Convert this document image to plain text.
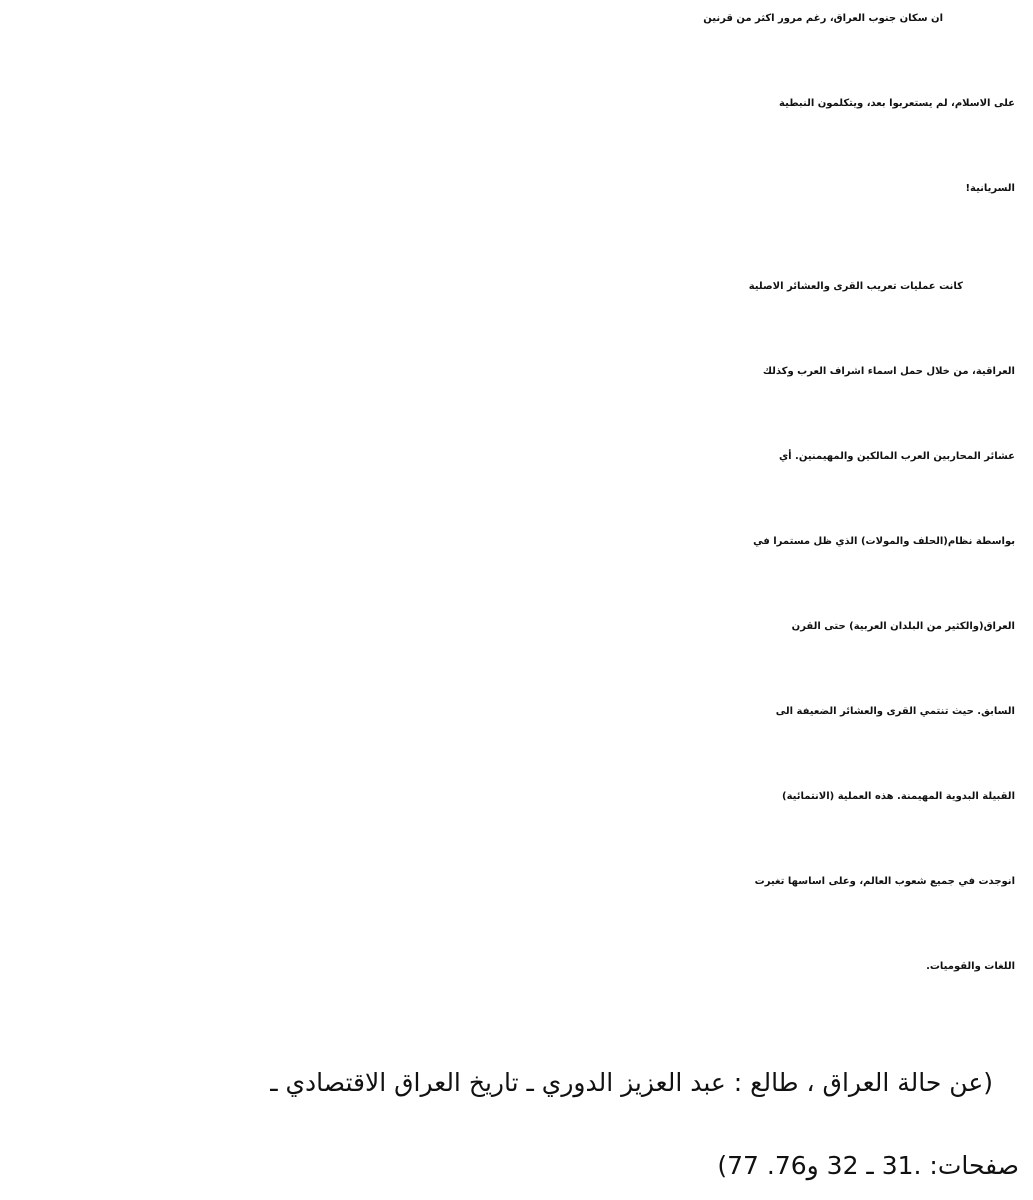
ان سكان جنوب العراق، رغم مرور اكثر من قرنين
على الاسلام، لم يستعربوا بعد، ويتكلمون النبطية
السريانية!
كانت عمليات تعريب القرى والعشائر الاصلية
العراقية، من خلال حمل اسماء اشراف العرب وكذلك
عشائر المحاربين العرب المالكين والمهيمنين. أي
بواسطة نظام(الحلف والمولات) الذي ظل مستمرا في
العراق(والكثير من البلدان العربية) حتى القرن
السابق. حيث تنتمي القرى والعشائر الضعيفة الى
القبيلة البدوية المهيمنة. هذه العملية (الانتمائية)
انوجدت في جميع شعوب العالم، وعلى اساسها تغيرت
اللغات والقوميات.
(عن حالة العراق ، طالع : عبد العزيز الدوري ـ تاريخ العراق الاقتصادي ـ
صفحات: .31 ـ 32 و76. 77)
